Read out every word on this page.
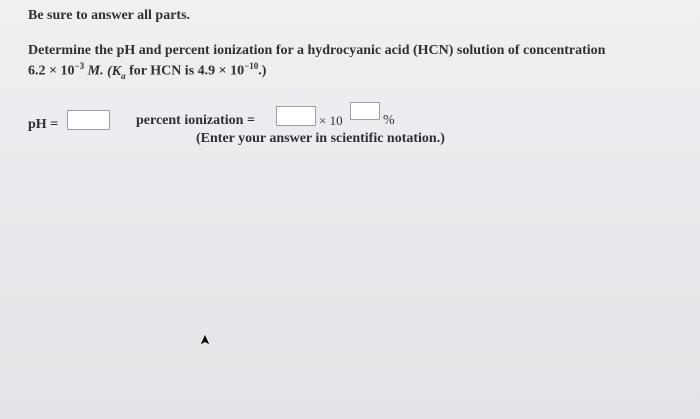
Be sure to answer all parts.
Determine the pH and percent ionization for a hydrocyanic acid (HCN) solution of concentration
$6.2 \times 10^{-3}$ M. ($K_a$ for HCN is $4.9 \times 10^{-10}$.)
pH =	percent ionization =	× 10	%
(Enter your answer in scientific notation.)
